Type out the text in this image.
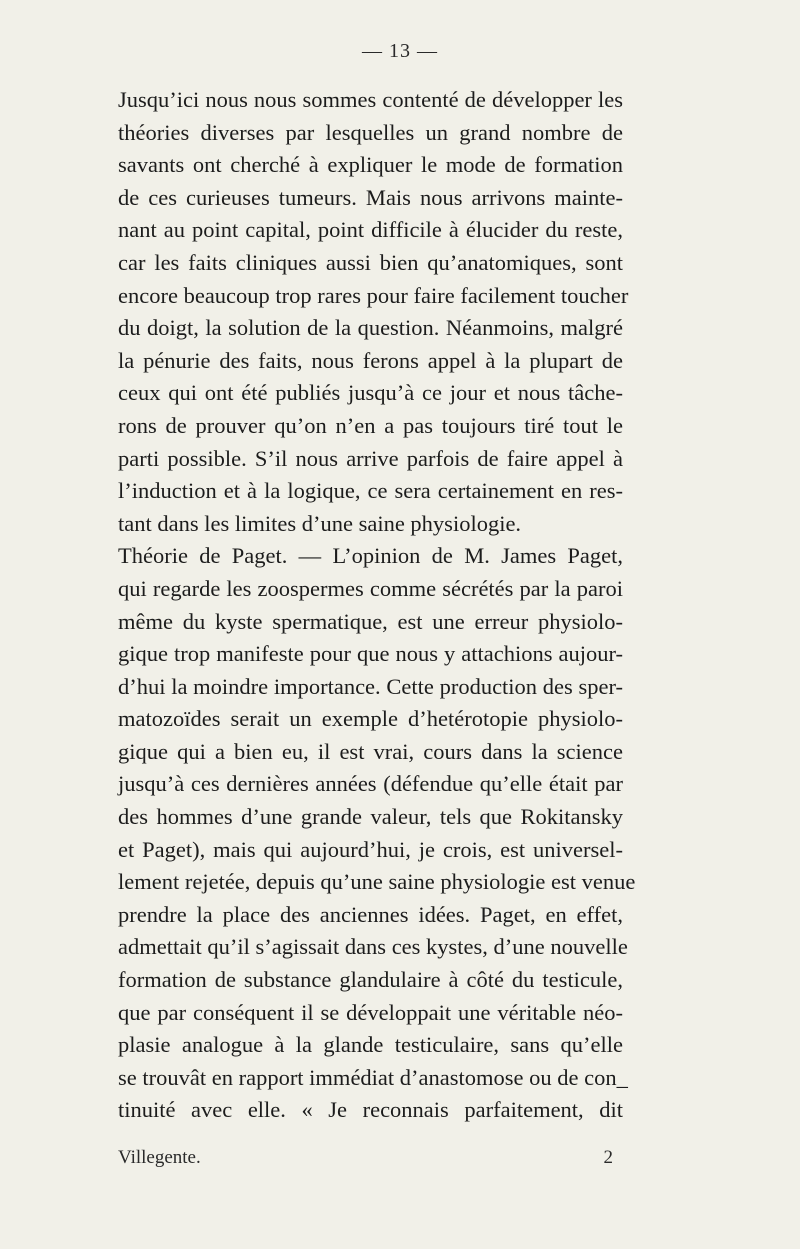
— 13 —
Jusqu’ici nous nous sommes contenté de développer les
théories diverses par lesquelles un grand nombre de
savants ont cherché à expliquer le mode de formation
de ces curieuses tumeurs. Mais nous arrivons mainte-
nant au point capital, point difficile à élucider du reste,
car les faits cliniques aussi bien qu’anatomiques, sont
encore beaucoup trop rares pour faire facilement toucher
du doigt, la solution de la question. Néanmoins, malgré
la pénurie des faits, nous ferons appel à la plupart de
ceux qui ont été publiés jusqu’à ce jour et nous tâche-
rons de prouver qu’on n’en a pas toujours tiré tout le
parti possible. S’il nous arrive parfois de faire appel à
l’induction et à la logique, ce sera certainement en res-
tant dans les limites d’une saine physiologie.
Théorie de Paget. — L’opinion de M. James Paget,
qui regarde les zoospermes comme sécrétés par la paroi
même du kyste spermatique, est une erreur physiolo-
gique trop manifeste pour que nous y attachions aujour-
d’hui la moindre importance. Cette production des sper-
matozoïdes serait un exemple d’hetérotopie physiolo-
gique qui a bien eu, il est vrai, cours dans la science
jusqu’à ces dernières années (défendue qu’elle était par
des hommes d’une grande valeur, tels que Rokitansky
et Paget), mais qui aujourd’hui, je crois, est universel-
lement rejetée, depuis qu’une saine physiologie est venue
prendre la place des anciennes idées. Paget, en effet,
admettait qu’il s’agissait dans ces kystes, d’une nouvelle
formation de substance glandulaire à côté du testicule,
que par conséquent il se développait une véritable néo-
plasie analogue à la glande testiculaire, sans qu’elle
se trouvât en rapport immédiat d’anastomose ou de con_
tinuité avec elle. « Je reconnais parfaitement, dit
Villegente.	2
